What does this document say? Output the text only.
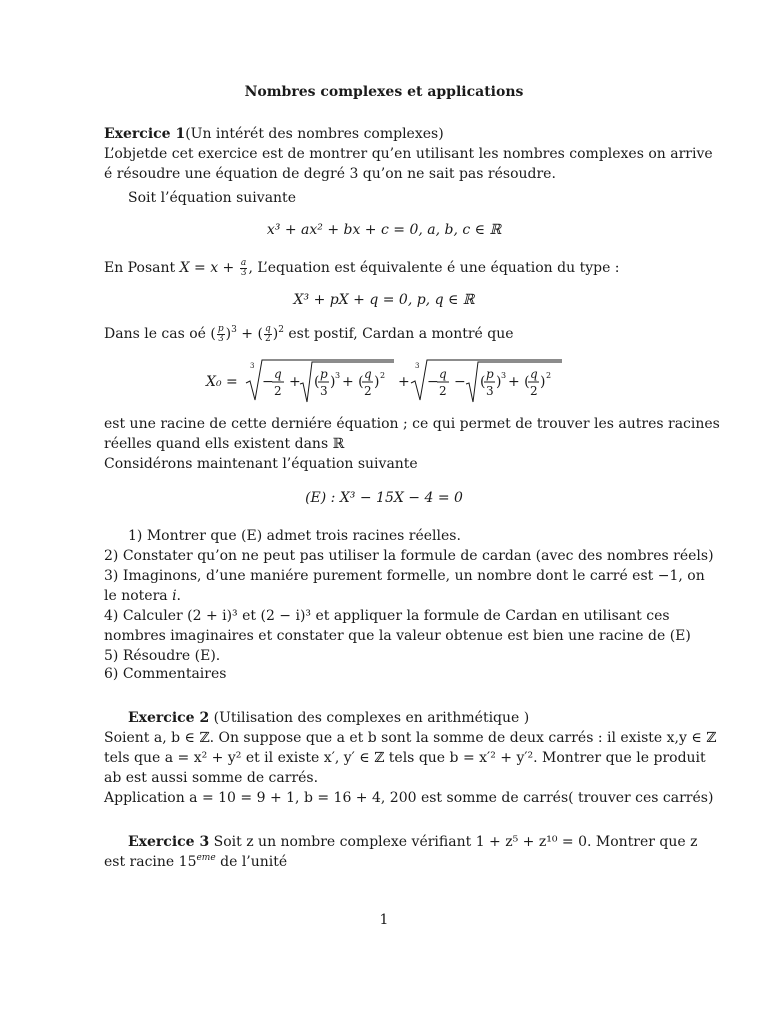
Nombres complexes et applications
Exercice 1(Un intérét des nombres complexes)
L’objetde cet exercice est de montrer qu’en utilisant les nombres complexes on arrive
é résoudre une équation de degré 3 qu’on ne sait pas résoudre.
Soit l’équation suivante
x³ + ax² + bx + c = 0, a, b, c ∈ ℝ
En Posant $X = x + \frac{a}{3}$ , L’equation est équivalente é une équation du type :
X³ + pX + q = 0, p, q ∈ ℝ
Dans le cas oé ( $\frac{p}{3} )^3$ + ( $\frac{q}{2} )^2$ est postif, Cardan a montré que
X₀ =
3
− q
2
+ ( p
3
) 3 + ( q
2
) 2 +
3
− q
2
− ( p
3
) 3 + ( q
2
) 2
est une racine de cette derniére équation ; ce qui permet de trouver les autres racines
réelles quand ells existent dans ℝ
Considérons maintenant l’équation suivante
(E) : X³ − 15X − 4 = 0
1) Montrer que (E) admet trois racines réelles.
2) Constater qu’on ne peut pas utiliser la formule de cardan (avec des nombres réels)
3) Imaginons, d’une maniére purement formelle, un nombre dont le carré est −1, on
le notera i.
4) Calculer (2 + i)³ et (2 − i)³ et appliquer la formule de Cardan en utilisant ces
nombres imaginaires et constater que la valeur obtenue est bien une racine de (E)
5) Résoudre (E).
6) Commentaires
Exercice 2 (Utilisation des complexes en arithmétique )
Soient a, b ∈ ℤ. On suppose que a et b sont la somme de deux carrés : il existe x,y ∈ ℤ
tels que a = x² + y² et il existe x′, y′ ∈ ℤ tels que b = x′² + y′². Montrer que le produit
ab est aussi somme de carrés.
Application a = 10 = 9 + 1, b = 16 + 4, 200 est somme de carrés( trouver ces carrés)
Exercice 3 Soit z un nombre complexe vérifiant 1 + z⁵ + z¹⁰ = 0. Montrer que z
est racine 15eme de l’unité
1
